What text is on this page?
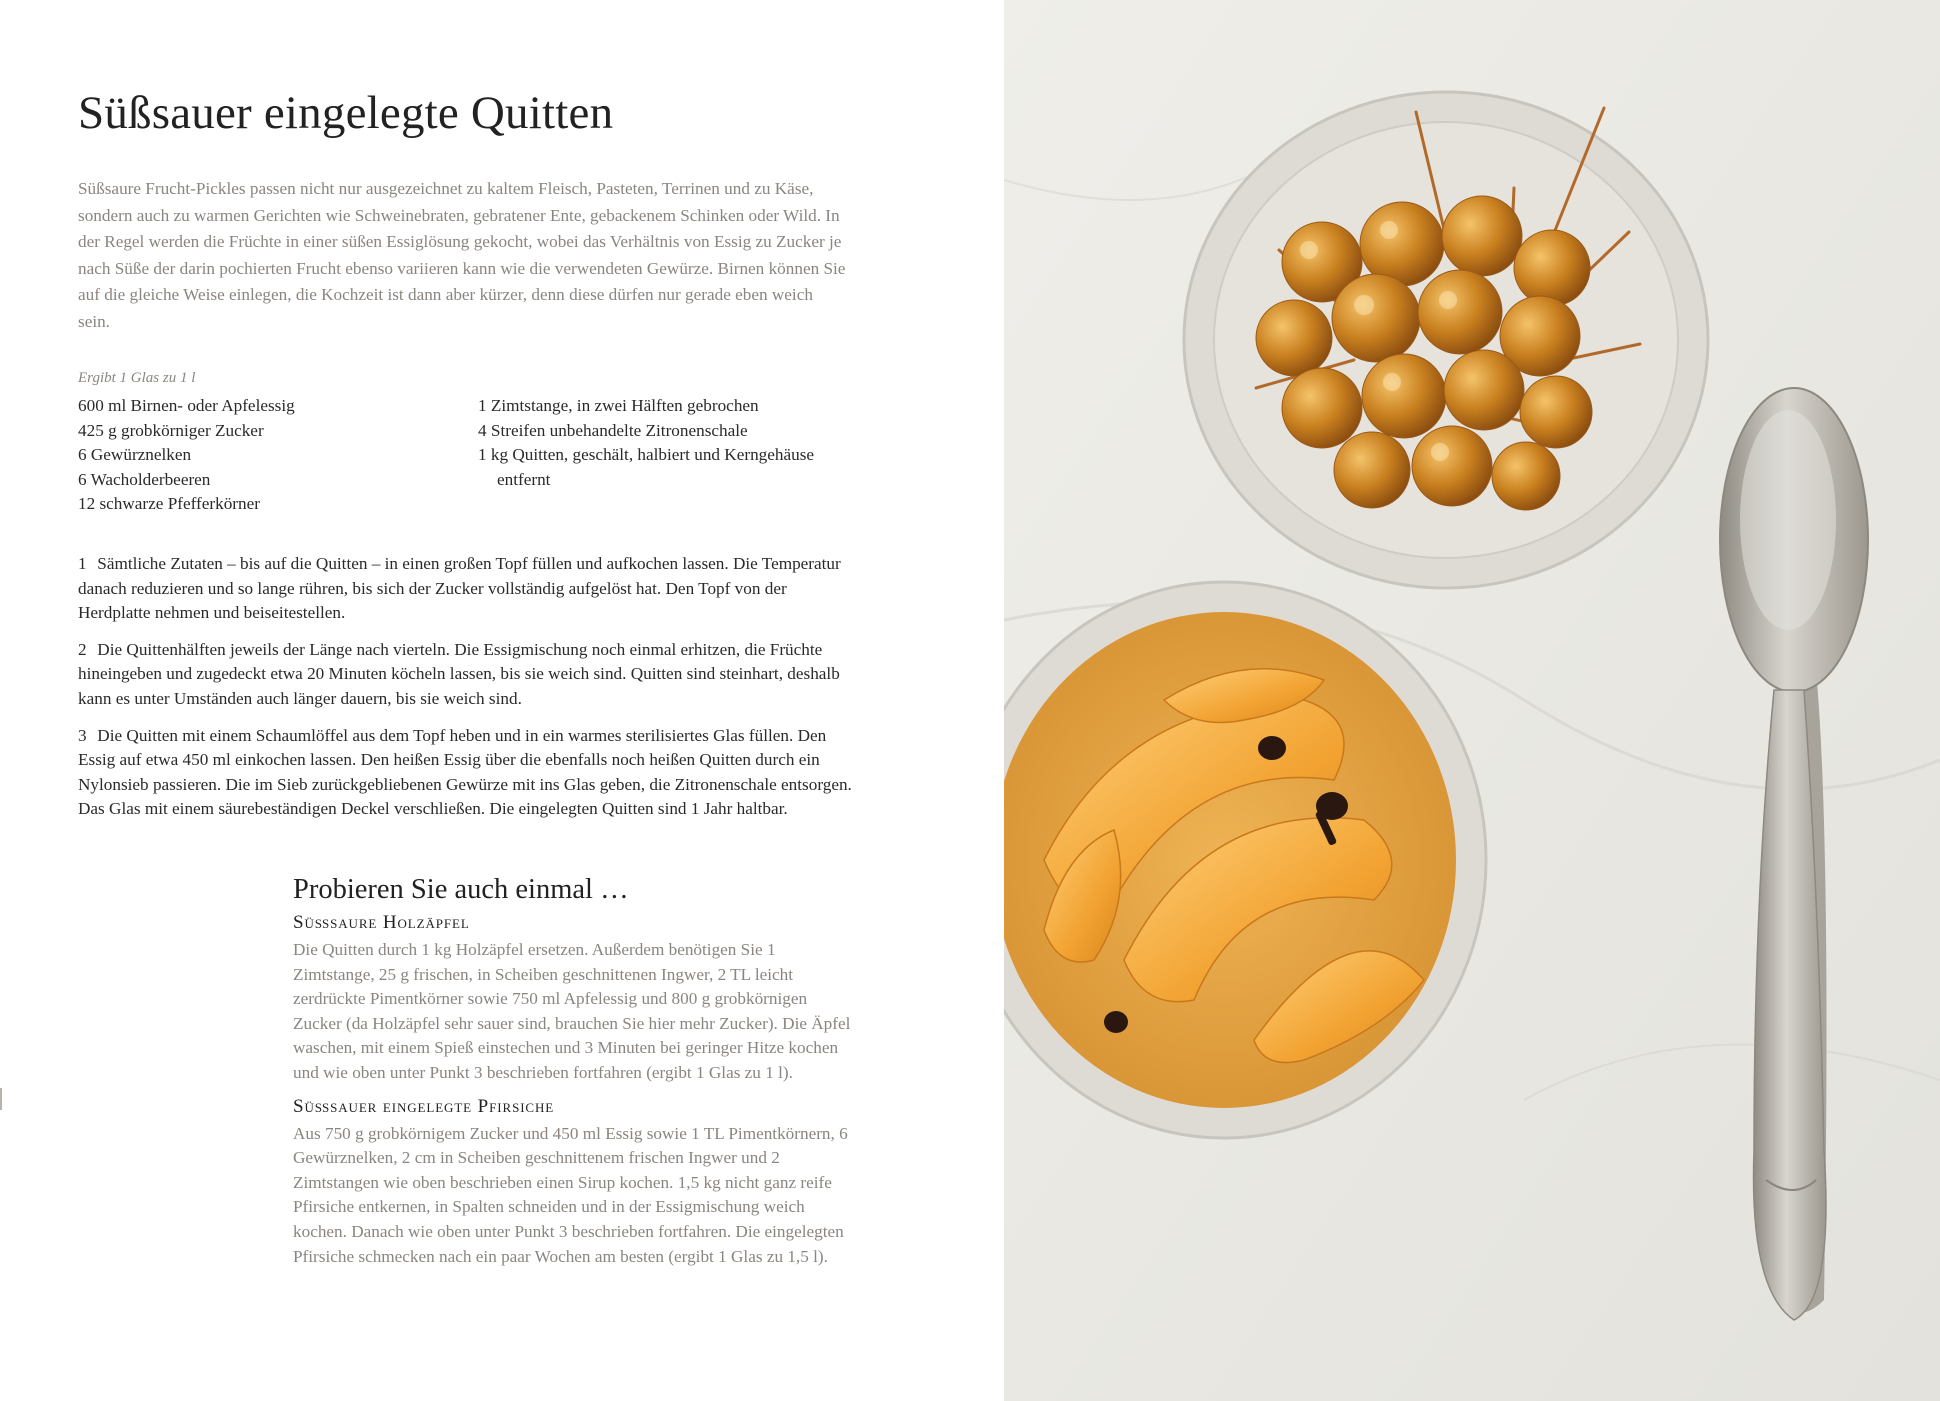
Süßsauer eingelegte Quitten

Süßsaure Frucht-Pickles passen nicht nur ausgezeichnet zu kaltem Fleisch, Pasteten, Terrinen und zu Käse, sondern auch zu warmen Gerichten wie Schweinebraten, gebratener Ente, gebackenem Schinken oder Wild. In der Regel werden die Früchte in einer süßen Essiglösung gekocht, wobei das Verhältnis von Essig zu Zucker je nach Süße der darin pochierten Frucht ebenso variieren kann wie die verwendeten Gewürze. Birnen können Sie auf die gleiche Weise einlegen, die Kochzeit ist dann aber kürzer, denn diese dürfen nur gerade eben weich sein.

Ergibt 1 Glas zu 1 l

600 ml Birnen- oder Apfelessig
425 g grobkörniger Zucker
6 Gewürznelken
6 Wacholderbeeren
12 schwarze Pfefferkörner
1 Zimtstange, in zwei Hälften gebrochen
4 Streifen unbehandelte Zitronenschale
1 kg Quitten, geschält, halbiert und Kerngehäuse entfernt

1 Sämtliche Zutaten – bis auf die Quitten – in einen großen Topf füllen und aufkochen lassen. Die Temperatur danach reduzieren und so lange rühren, bis sich der Zucker vollständig aufgelöst hat. Den Topf von der Herdplatte nehmen und beiseitestellen.

2 Die Quittenhälften jeweils der Länge nach vierteln. Die Essigmischung noch einmal erhitzen, die Früchte hineingeben und zugedeckt etwa 20 Minuten köcheln lassen, bis sie weich sind. Quitten sind steinhart, deshalb kann es unter Umständen auch länger dauern, bis sie weich sind.

3 Die Quitten mit einem Schaumlöffel aus dem Topf heben und in ein warmes sterilisiertes Glas füllen. Den Essig auf etwa 450 ml einkochen lassen. Den heißen Essig über die ebenfalls noch heißen Quitten durch ein Nylonsieb passieren. Die im Sieb zurückgebliebenen Gewürze mit ins Glas geben, die Zitronenschale entsorgen. Das Glas mit einem säurebeständigen Deckel verschließen. Die eingelegten Quitten sind 1 Jahr haltbar.

Probieren Sie auch einmal …
Süßsaure Holzäpfel

Die Quitten durch 1 kg Holzäpfel ersetzen. Außerdem benötigen Sie 1 Zimtstange, 25 g frischen, in Scheiben geschnittenen Ingwer, 2 TL leicht zerdrückte Pimentkörner sowie 750 ml Apfelessig und 800 g grobkörnigen Zucker (da Holzäpfel sehr sauer sind, brauchen Sie hier mehr Zucker). Die Äpfel waschen, mit einem Spieß einstechen und 3 Minuten bei geringer Hitze kochen und wie oben unter Punkt 3 beschrieben fortfahren (ergibt 1 Glas zu 1 l).

Süßsauer eingelegte Pfirsiche

Aus 750 g grobkörnigem Zucker und 450 ml Essig sowie 1 TL Pimentkörnern, 6 Gewürznelken, 2 cm in Scheiben geschnittenem frischen Ingwer und 2 Zimtstangen wie oben beschrieben einen Sirup kochen. 1,5 kg nicht ganz reife Pfirsiche entkernen, in Spalten schneiden und in der Essigmischung weich kochen. Danach wie oben unter Punkt 3 beschrieben fortfahren. Die eingelegten Pfirsiche schmecken nach ein paar Wochen am besten (ergibt 1 Glas zu 1,5 l).
